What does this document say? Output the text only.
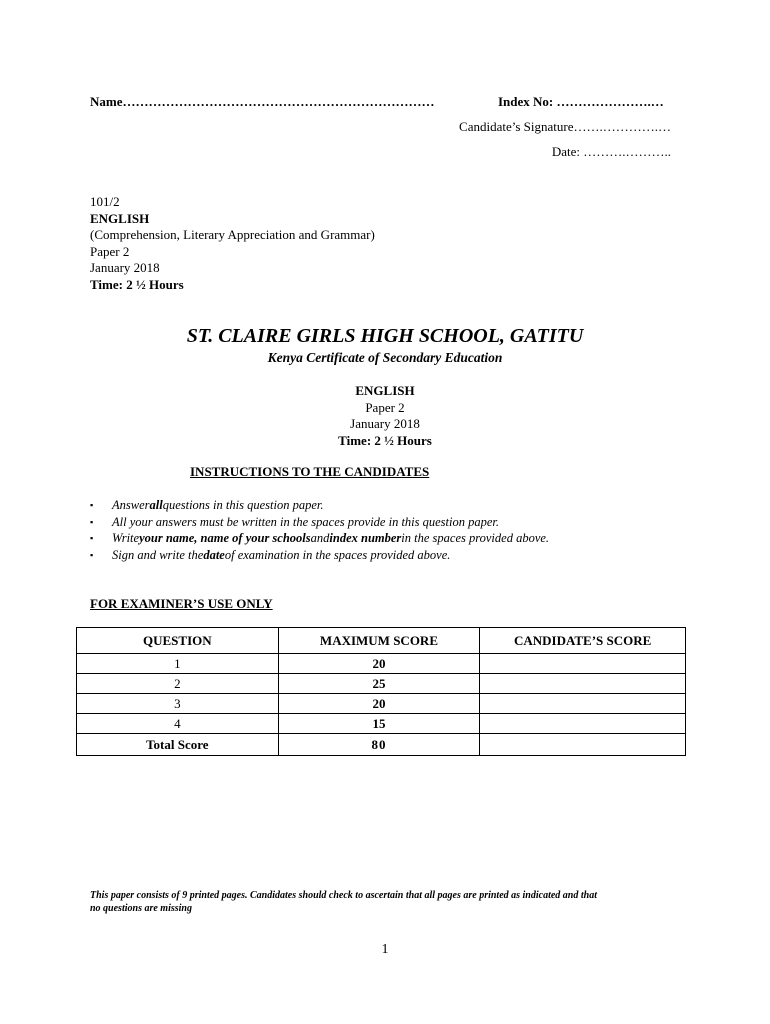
Name………………………………………………………………	Index No: ………………….…
Candidate’s Signature…….………….…
Date: ……….………..
101/2
ENGLISH
(Comprehension, Literary Appreciation and Grammar)
Paper 2
January 2018
Time: 2 ½ Hours
ST. CLAIRE GIRLS HIGH SCHOOL, GATITU
Kenya Certificate of Secondary Education
ENGLISH
Paper 2
January 2018
Time: 2 ½ Hours
INSTRUCTIONS TO THE CANDIDATES
▪	Answer all questions in this question paper.
▪	All your answers must be written in the spaces provide in this question paper.
▪	Write your name, name of your schools and index number in the spaces provided above.
▪	Sign and write the date of examination in the spaces provided above.
FOR EXAMINER’S USE ONLY
QUESTION	MAXIMUM SCORE	CANDIDATE’S SCORE
1	20	
2	25	
3	20	
4	15	
Total Score	80	
This paper consists of 9 printed pages. Candidates should check to ascertain that all pages are printed as indicated and that
no questions are missing
1
